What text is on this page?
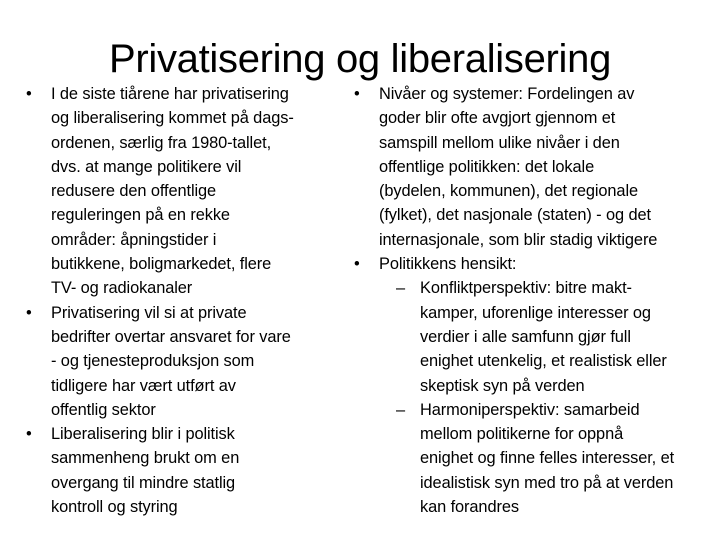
Privatisering og liberalisering
•	I de siste tiårene har privatisering
og liberalisering kommet på dags-
ordenen, særlig fra 1980-tallet,
dvs. at mange politikere vil
redusere den offentlige
reguleringen på en rekke
områder: åpningstider i
butikkene, boligmarkedet, flere
TV- og radiokanaler
•	Privatisering vil si at private
bedrifter overtar ansvaret for vare
- og tjenesteproduksjon som
tidligere har vært utført av
offentlig sektor
•	Liberalisering blir i politisk
sammenheng brukt om en
overgang til mindre statlig
kontroll og styring
•	Nivåer og systemer: Fordelingen av
goder blir ofte avgjort gjennom et
samspill mellom ulike nivåer i den
offentlige politikken: det lokale
(bydelen, kommunen), det regionale
(fylket), det nasjonale (staten) - og det
internasjonale, som blir stadig viktigere
•	Politikkens hensikt:
– Konfliktperspektiv: bitre makt-
kamper, uforenlige interesser og
verdier i alle samfunn gjør full
enighet utenkelig, et realistisk eller
skeptisk syn på verden
– Harmoniperspektiv: samarbeid
mellom politikerne for oppnå
enighet og finne felles interesser, et
idealistisk syn med tro på at verden
kan forandres
